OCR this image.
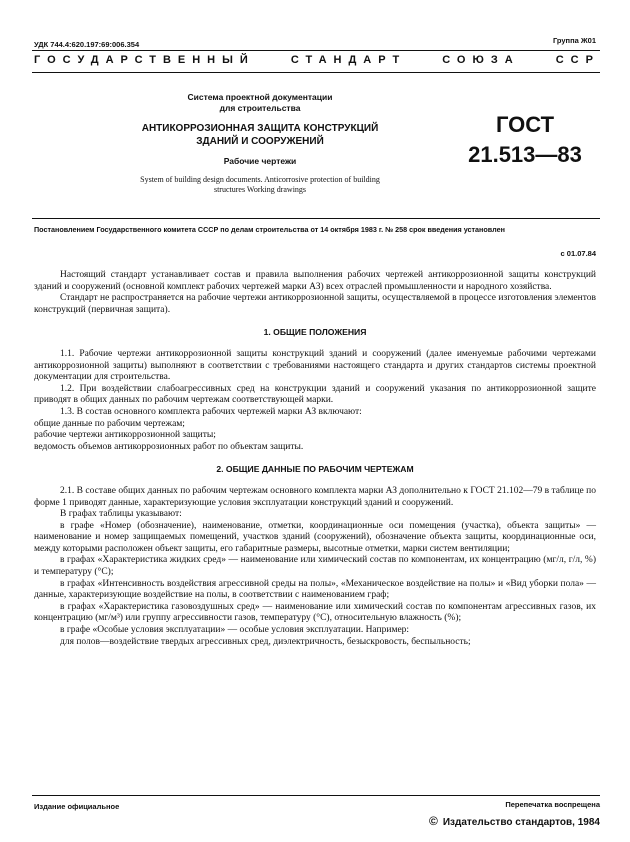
УДК 744.4:620.197:69:006.354	Группа Ж01
ГОСУДАРСТВЕННЫЙ	СТАНДАРТ	СОЮЗА	ССР
Система проектной документации
для строительства
АНТИКОРРОЗИОННАЯ ЗАЩИТА КОНСТРУКЦИЙ
ЗДАНИЙ И СООРУЖЕНИЙ
Рабочие чертежи
System of building design documents. Anticorrosive protection of building
structures Working drawings
ГОСТ
21.513—83
Постановлением Государственного комитета СССР по делам строительства от 14 октября 1983 г. № 258 срок введения установлен
с 01.07.84

Настоящий стандарт устанавливает состав и правила выполнения рабочих чертежей антикоррозионной защиты конструкций зданий и сооружений (основной комплект рабочих чертежей марки АЗ) всех отраслей промышленности и народного хозяйства.

Стандарт не распространяется на рабочие чертежи антикоррозионной защиты, осуществляемой в процессе изготовления элементов конструкций (первичная защита).

1. ОБЩИЕ ПОЛОЖЕНИЯ

1.1. Рабочие чертежи антикоррозионной защиты конструкций зданий и сооружений (далее именуемые рабочими чертежами антикоррозионной защиты) выполняют в соответствии с требованиями настоящего стандарта и других стандартов системы проектной документации для строительства.

1.2. При воздействии слабоагрессивных сред на конструкции зданий и сооружений указания по антикоррозионной защите приводят в общих данных по рабочим чертежам соответствующей марки.

1.3. В состав основного комплекта рабочих чертежей марки АЗ включают:

общие данные по рабочим чертежам;

рабочие чертежи антикоррозионной защиты;

ведомость объемов антикоррозионных работ по объектам защиты.

2. ОБЩИЕ ДАННЫЕ ПО РАБОЧИМ ЧЕРТЕЖАМ

2.1. В составе общих данных по рабочим чертежам основного комплекта марки АЗ дополнительно к ГОСТ 21.102—79 в таблице по форме 1 приводят данные, характеризующие условия эксплуатации конструкций зданий и сооружений.

В графах таблицы указывают:

в графе «Номер (обозначение), наименование, отметки, координационные оси помещения (участка), объекта защиты» — наименование и номер защищаемых помещений, участков зданий (сооружений), обозначение объекта защиты, координационные оси, между которыми расположен объект защиты, его габаритные размеры, высотные отметки, марки систем вентиляции;

в графах «Характеристика жидких сред» — наименование или химический состав по компонентам, их концентрацию (мг/л, г/л, %) и температуру (°С);

в графах «Интенсивность воздействия агрессивной среды на полы», «Механическое воздействие на полы» и «Вид уборки пола» — данные, характеризующие воздействие на полы, в соответствии с наименованием граф;

в графах «Характеристика газовоздушных сред» — наименование или химический состав по компонентам агрессивных газов, их концентрацию (мг/м³) или группу агрессивности газов, температуру (°С), относительную влажность (%);

в графе «Особые условия эксплуатации» — особые условия эксплуатации. Например:

для полов—воздействие твердых агрессивных сред, диэлектричность, безыскровость, беспыльность;

Издание официальное	Перепечатка воспрещена
© Издательство стандартов, 1984
